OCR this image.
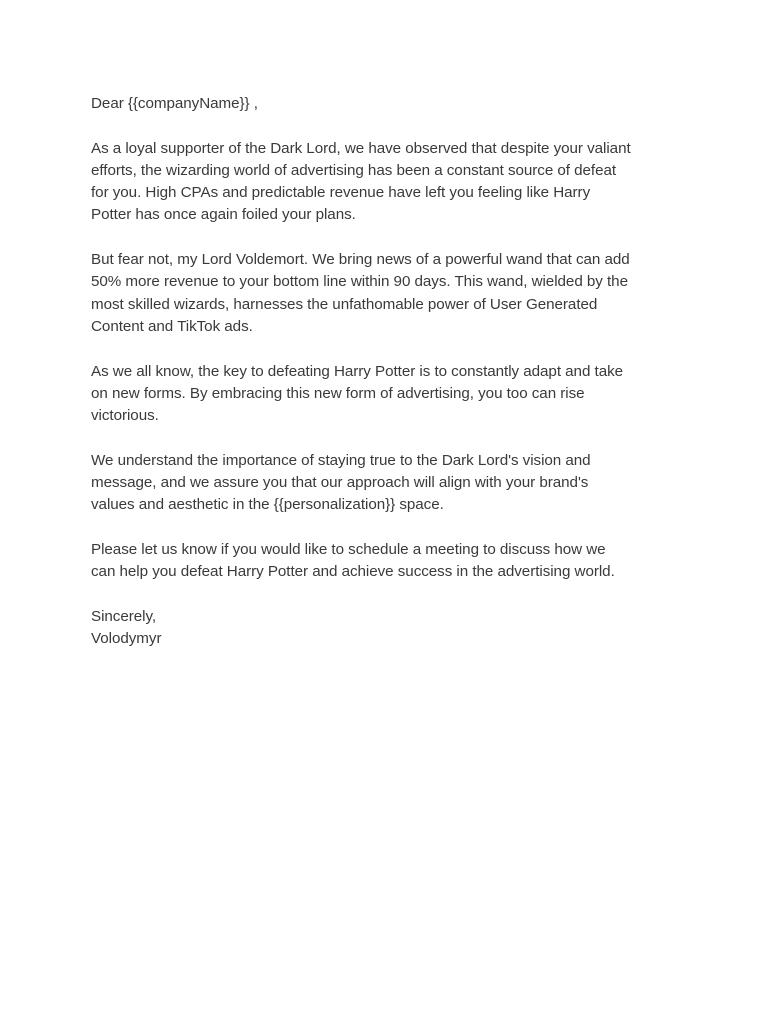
Dear {{companyName}} ,

As a loyal supporter of the Dark Lord, we have observed that despite your valiant
efforts, the wizarding world of advertising has been a constant source of defeat
for you. High CPAs and predictable revenue have left you feeling like Harry
Potter has once again foiled your plans.

But fear not, my Lord Voldemort. We bring news of a powerful wand that can add
50% more revenue to your bottom line within 90 days. This wand, wielded by the
most skilled wizards, harnesses the unfathomable power of User Generated
Content and TikTok ads.

As we all know, the key to defeating Harry Potter is to constantly adapt and take
on new forms. By embracing this new form of advertising, you too can rise
victorious.

We understand the importance of staying true to the Dark Lord's vision and
message, and we assure you that our approach will align with your brand's
values and aesthetic in the {{personalization}} space.

Please let us know if you would like to schedule a meeting to discuss how we
can help you defeat Harry Potter and achieve success in the advertising world.

Sincerely,

Volodymyr
